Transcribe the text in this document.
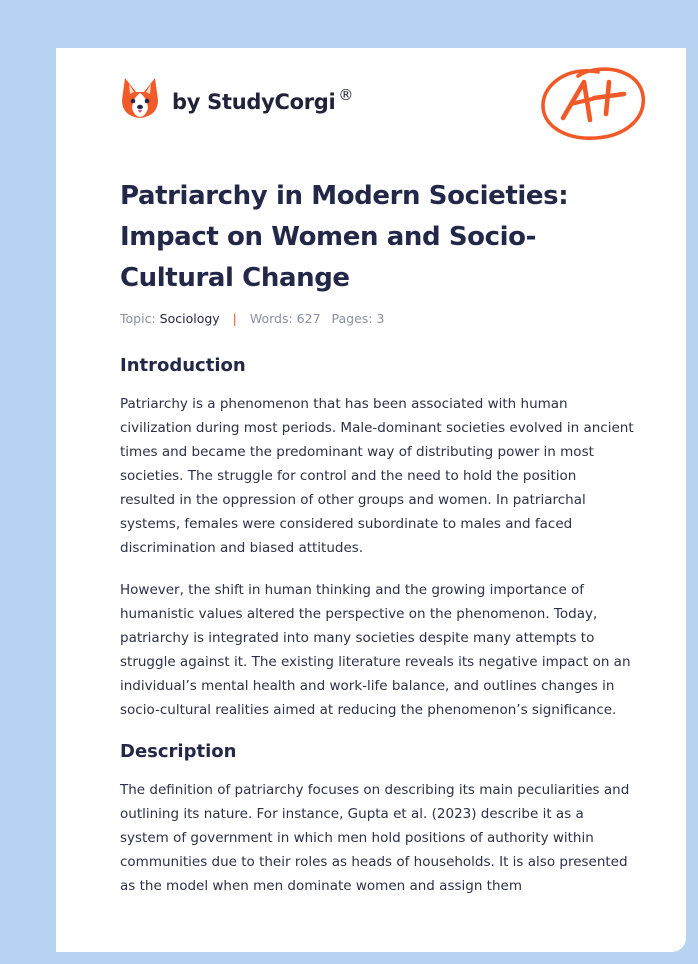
by StudyCorgi ®
Patriarchy in Modern Societies: Impact on Women and Socio-Cultural Change
Topic: Sociology | Words: 627 Pages: 3
Introduction

Patriarchy is a phenomenon that has been associated with human civilization during most periods. Male-dominant societies evolved in ancient times and became the predominant way of distributing power in most societies. The struggle for control and the need to hold the position resulted in the oppression of other groups and women. In patriarchal systems, females were considered subordinate to males and faced discrimination and biased attitudes.

However, the shift in human thinking and the growing importance of humanistic values altered the perspective on the phenomenon. Today, patriarchy is integrated into many societies despite many attempts to struggle against it. The existing literature reveals its negative impact on an individual’s mental health and work-life balance, and outlines changes in socio-cultural realities aimed at reducing the phenomenon’s significance.

Description

The definition of patriarchy focuses on describing its main peculiarities and outlining its nature. For instance, Gupta et al. (2023) describe it as a system of government in which men hold positions of authority within communities due to their roles as heads of households. It is also presented as the model when men dominate women and assign them
